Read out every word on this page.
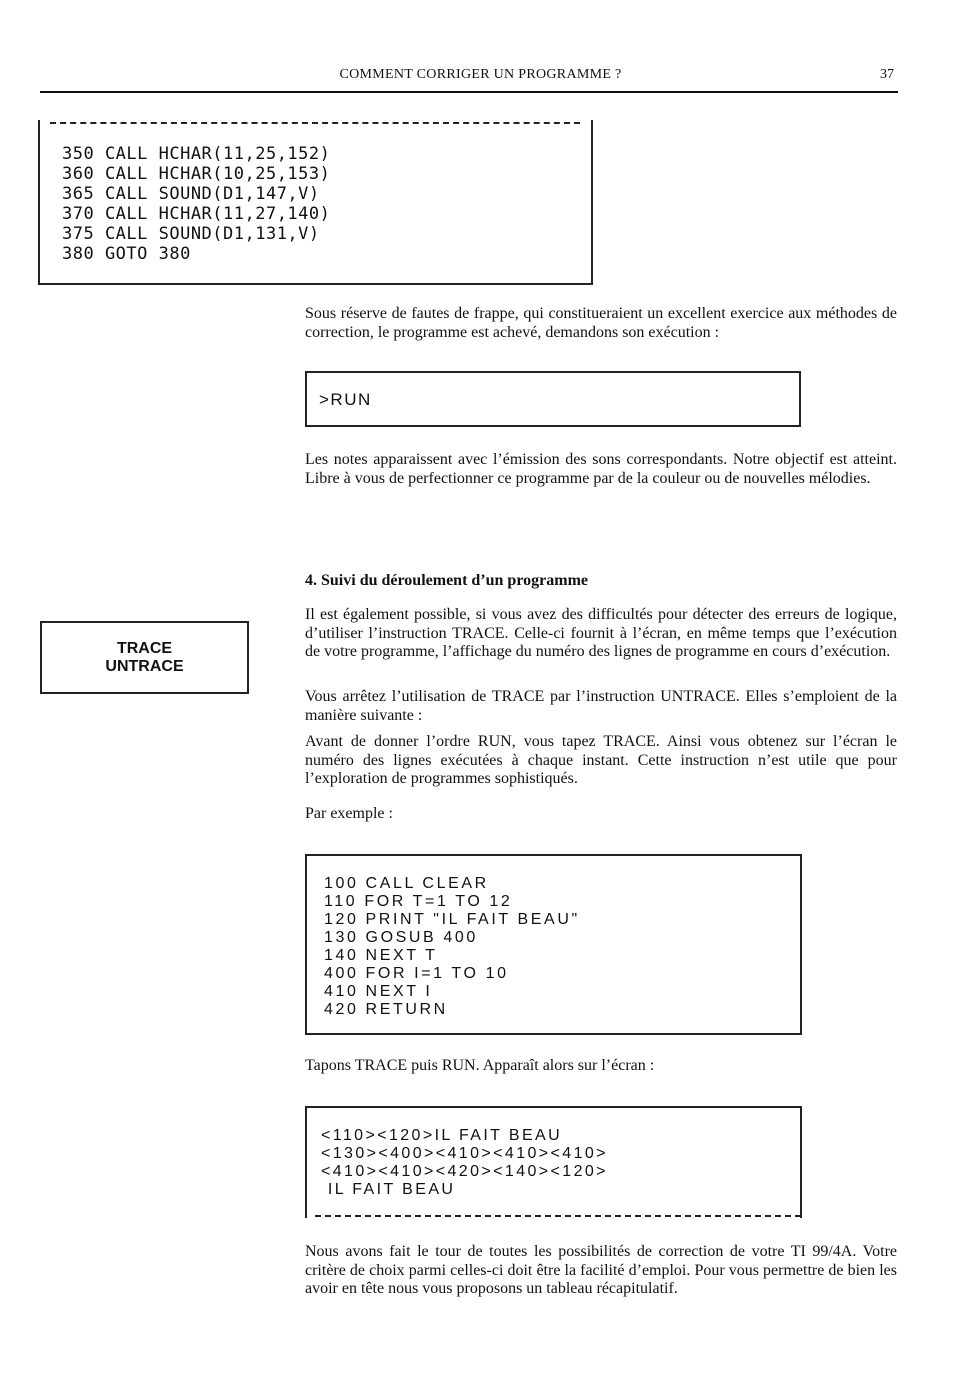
COMMENT CORRIGER UN PROGRAMME ?	37
350 CALL HCHAR(11,25,152)
360 CALL HCHAR(10,25,153)
365 CALL SOUND(D1,147,V)
370 CALL HCHAR(11,27,140)
375 CALL SOUND(D1,131,V)
380 GOTO 380
Sous réserve de fautes de frappe, qui constitueraient un excellent exercice aux méthodes de correction, le programme est achevé, demandons son exécution :
>RUN
Les notes apparaissent avec l’émission des sons correspondants. Notre objectif est atteint. Libre à vous de perfectionner ce programme par de la couleur ou de nouvelles mélodies.
4. Suivi du déroulement d’un programme
TRACE
UNTRACE
Il est également possible, si vous avez des difficultés pour détecter des erreurs de logique, d’utiliser l’instruction TRACE. Celle-ci fournit à l’écran, en même temps que l’exécution de votre programme, l’affichage du numéro des lignes de programme en cours d’exécution.
Vous arrêtez l’utilisation de TRACE par l’instruction UNTRACE. Elles s’emploient de la manière suivante :
Avant de donner l’ordre RUN, vous tapez TRACE. Ainsi vous obtenez sur l’écran le numéro des lignes exécutées à chaque instant. Cette instruction n’est utile que pour l’exploration de programmes sophistiqués.
Par exemple :
100 CALL CLEAR
110 FOR T=1 TO 12
120 PRINT "IL FAIT BEAU"
130 GOSUB 400
140 NEXT T
400 FOR I=1 TO 10
410 NEXT I
420 RETURN
Tapons TRACE puis RUN. Apparaît alors sur l’écran :
<110><120>IL FAIT BEAU
<130><400><410><410><410>
<410><410><420><140><120>
IL FAIT BEAU
Nous avons fait le tour de toutes les possibilités de correction de votre TI 99/4A. Votre critère de choix parmi celles-ci doit être la facilité d’emploi. Pour vous permettre de bien les avoir en tête nous vous proposons un tableau récapitulatif.
